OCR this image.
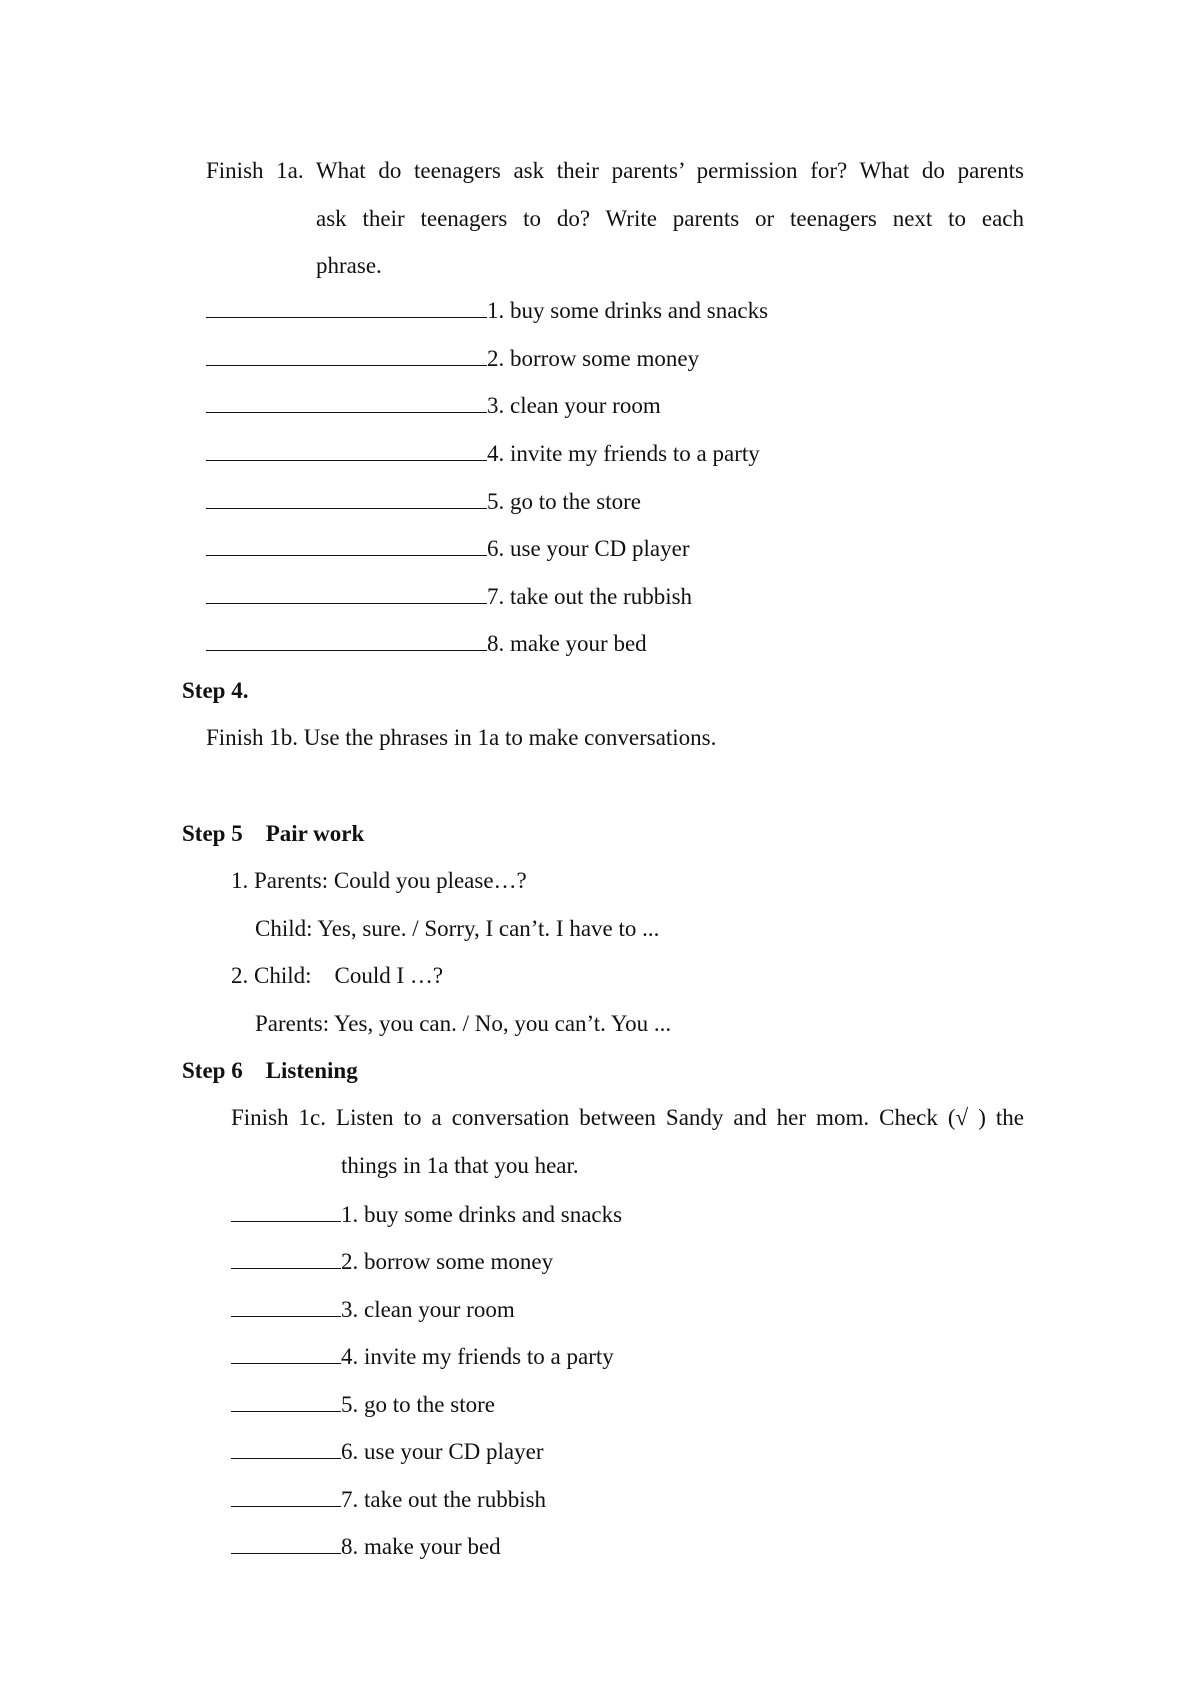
Finish 1a. What do teenagers ask their parents’ permission for? What do parents
ask their teenagers to do? Write parents or teenagers next to each
phrase.
1. buy some drinks and snacks
2. borrow some money
3. clean your room
4. invite my friends to a party
5. go to the store
6. use your CD player
7. take out the rubbish
8. make your bed
Step 4.
Finish 1b. Use the phrases in 1a to make conversations.
Step 5    Pair work
1. Parents: Could you please…?
Child: Yes, sure. / Sorry, I can’t. I have to ...
2. Child:    Could I …?
Parents: Yes, you can. / No, you can’t. You ...
Step 6    Listening
Finish 1c. Listen to a conversation between Sandy and her mom. Check (√ ) the
things in 1a that you hear.
1. buy some drinks and snacks
2. borrow some money
3. clean your room
4. invite my friends to a party
5. go to the store
6. use your CD player
7. take out the rubbish
8. make your bed
